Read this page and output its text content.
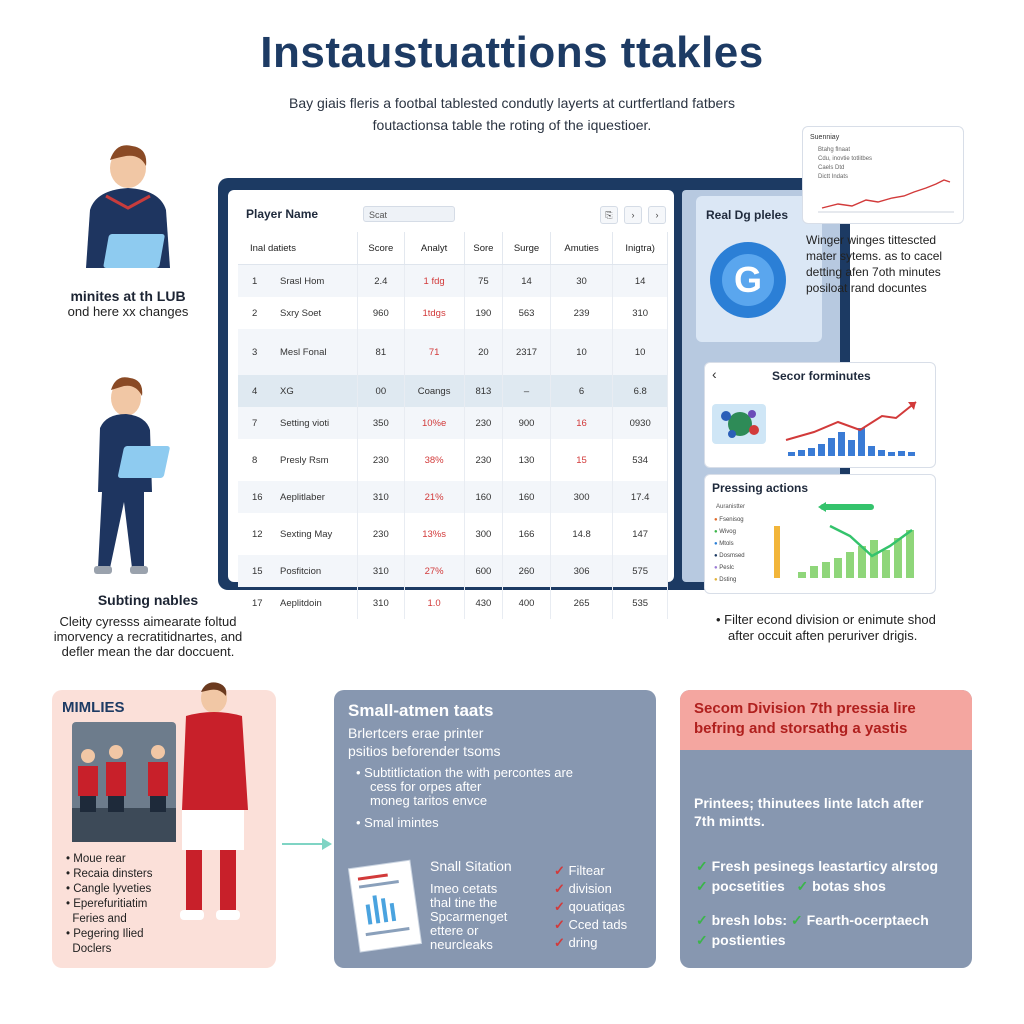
Instaustuattions ttakles
Bay giais fleris a footbal tablested condutly layerts at curtfertland fatbers
foutactionsa table the roting of the iquestioer.
minites at th LUB
ond here xx changes
Subting nables
Cleity cyresss aimearate foltud
imorvency a recratitidnartes, and
defler mean the dar doccuent.
Player Name	Scat	⎘	›	›
Inal datiets	Score	Analyt	Sore	Surge	Amuties	Inigtra)

1 Srasl Hom	2.4	1 fdg	75	14	30	14

2 Sxry Soet	960	1tdgs	190	563	239	310

3 Mesl Fonal	81	71	20	2317	10	10

4 XG	00	Coangs	813	–	6	6.8

7 Setting vioti	350	10%e	230	900	16	0930

8 Presly Rsm	230	38%	230	130	15	534

16 Aeplitlaber	310	21%	160	160	300	17.4

12 Sexting May	230	13%s	300	166	14.8	147

15 Posfitcion	310	27%	600	260	306	575

17 Aeplitdoin	310	1.0	430	400	265	535
Real Dg pleles
G
Suenniay
Btahg flnaat
Cdu, inovtie totlitbes
Caels Dtd
Dictt Indats
Winger winges tittescted
mater sytems. as to cacel
detting afen 7oth minutes
posiloat rand docuntes
‹	Secor forminutes
Pressing actions
Auranistter
● Fsenisog
● Wivog
● Mtols
● Dosmsed
● Peslc
● Dsting
• Filter econd division or enimute shod
after occuit aften peruriver drigis.
MIMLIES
• Moue rear
• Recaia dinsters
• Cangle lyveties
• Eperefuritiatim
Feries and
• Pegering Ilied
Doclers
Small-atmen taats
Brlertcers erae printer
psitios beforender tsoms
• Subtitlictation the with percontes are
cess for orpes after
moneg taritos envce
• Smal imintes
Snall Sitation
Imeo cetats
thal tine the
Spcarmenget
ettere or
neurcleaks
✓ Filtear
✓ division
✓ qouatiqas
✓ Cced tads
✓ dring
Secom Division 7th pressia lire
befring and storsathg a yastis
Printees; thinutees linte latch after
7th mintts.
✓ Fresh pesinegs leastarticy alrstog
✓ pocsetities ✓ botas shos
✓ bresh lobs: ✓ Fearth-ocerptaech
✓ postienties
